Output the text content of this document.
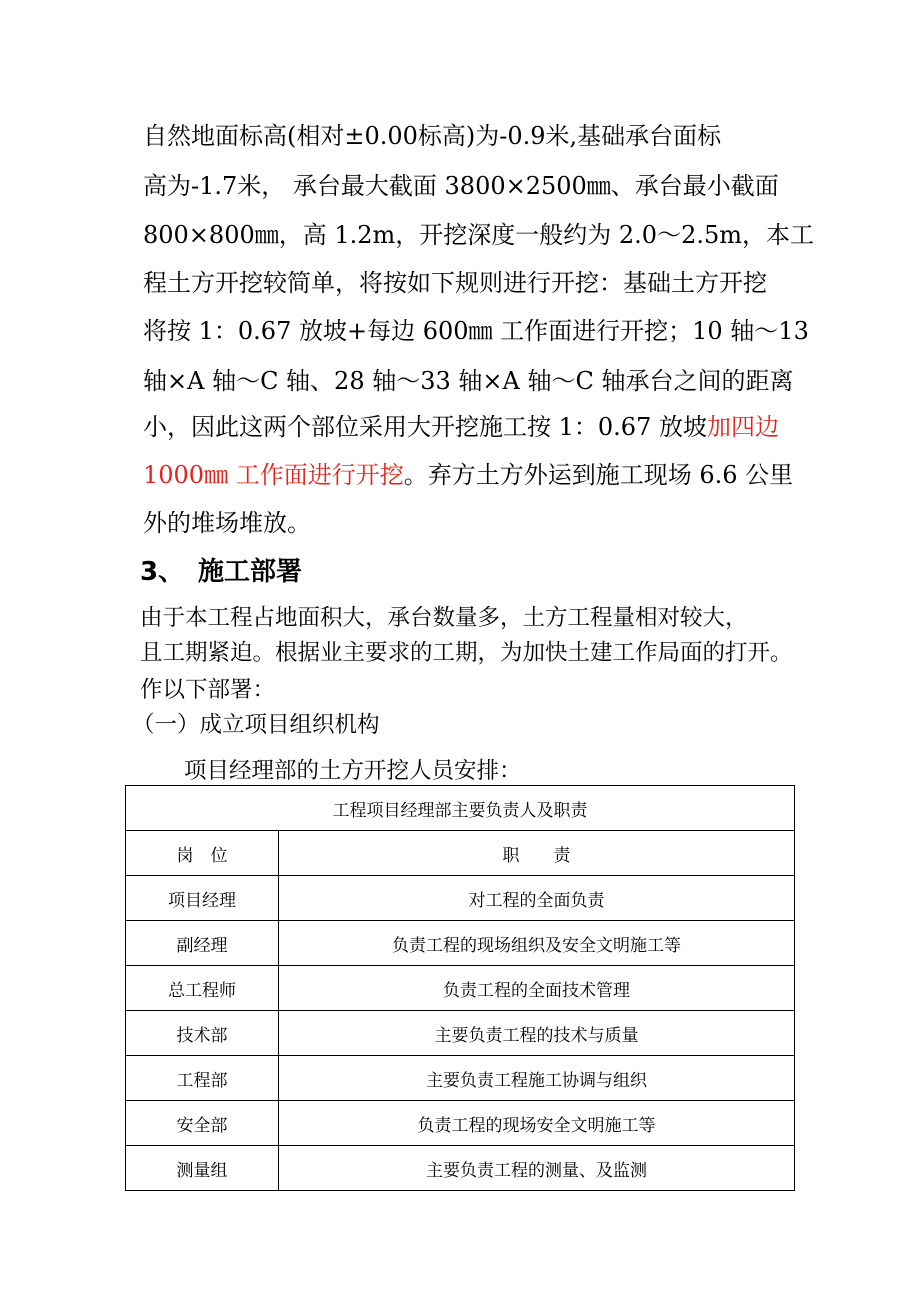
自然地面标高(相对±0.00标高)为-0.9米,基础承台面标
高为-1.7米， 承台最大截面 3800×2500㎜、承台最小截面
800×800㎜，高 1.2m，开挖深度一般约为 2.0～2.5m，本工
程土方开挖较简单，将按如下规则进行开挖：基础土方开挖
将按 1：0.67 放坡+每边 600㎜ 工作面进行开挖；10 轴～13
轴×A 轴～C 轴、28 轴～33 轴×A 轴～C 轴承台之间的距离
小，因此这两个部位采用大开挖施工按 1：0.67 放坡加四边
1000㎜ 工作面进行开挖。弃方土方外运到施工现场 6.6 公里
外的堆场堆放。
3、 施工部署
由于本工程占地面积大，承台数量多，土方工程量相对较大，
且工期紧迫。根据业主要求的工期，为加快土建工作局面的打开。
作以下部署：
（一）成立项目组织机构
项目经理部的土方开挖人员安排：
工程项目经理部主要负责人及职责	
岗　位	职　　责
项目经理	对工程的全面负责
副经理	负责工程的现场组织及安全文明施工等
总工程师	负责工程的全面技术管理
技术部	主要负责工程的技术与质量
工程部	主要负责工程施工协调与组织
安全部	负责工程的现场安全文明施工等
测量组	主要负责工程的测量、及监测
